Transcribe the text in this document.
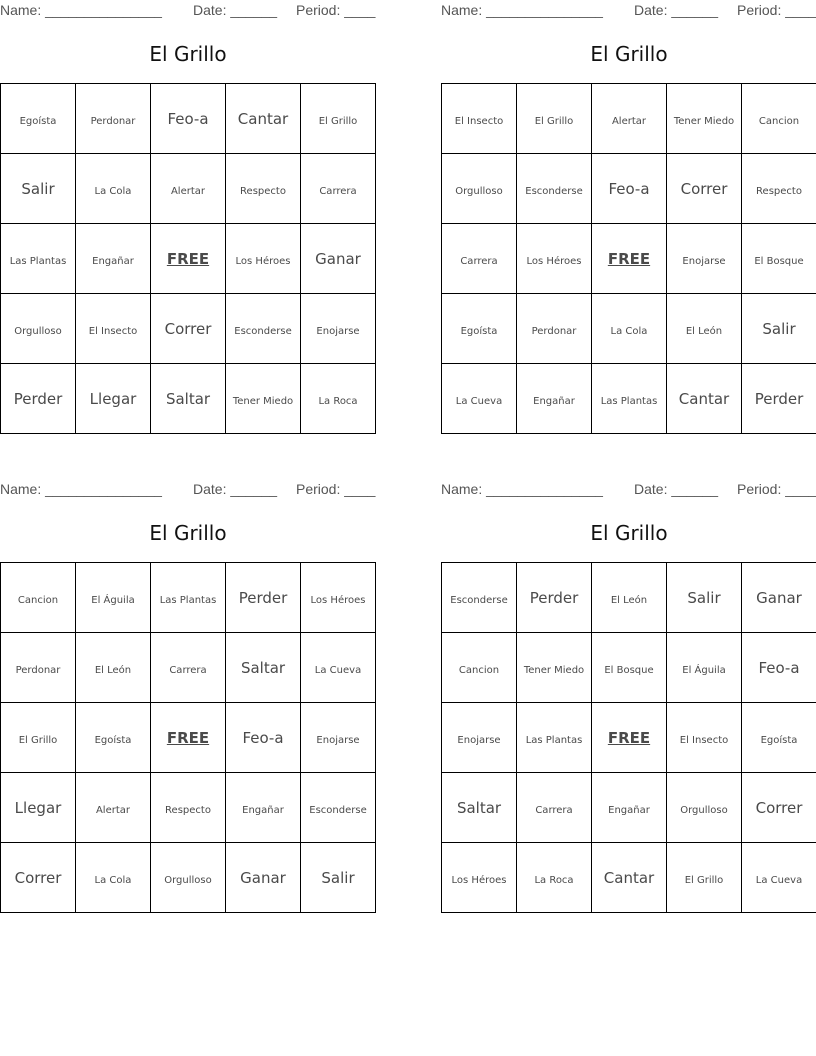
Name: _______________ Date: ______ Period: ____
El Grillo
Egoísta	Perdonar	Feo-a	Cantar	El Grillo
Salir	La Cola	Alertar	Respecto	Carrera
Las Plantas	Engañar	FREE	Los Héroes	Ganar
Orgulloso	El Insecto	Correr	Esconderse	Enojarse
Perder	Llegar	Saltar	Tener Miedo	La Roca
Name: _______________ Date: ______ Period: ____
El Grillo
El Insecto	El Grillo	Alertar	Tener Miedo	Cancion
Orgulloso	Esconderse	Feo-a	Correr	Respecto
Carrera	Los Héroes	FREE	Enojarse	El Bosque
Egoísta	Perdonar	La Cola	El León	Salir
La Cueva	Engañar	Las Plantas	Cantar	Perder
Name: _______________ Date: ______ Period: ____
El Grillo
Cancion	El Águila	Las Plantas	Perder	Los Héroes
Perdonar	El León	Carrera	Saltar	La Cueva
El Grillo	Egoísta	FREE	Feo-a	Enojarse
Llegar	Alertar	Respecto	Engañar	Esconderse
Correr	La Cola	Orgulloso	Ganar	Salir
Name: _______________ Date: ______ Period: ____
El Grillo
Esconderse	Perder	El León	Salir	Ganar
Cancion	Tener Miedo	El Bosque	El Águila	Feo-a
Enojarse	Las Plantas	FREE	El Insecto	Egoísta
Saltar	Carrera	Engañar	Orgulloso	Correr
Los Héroes	La Roca	Cantar	El Grillo	La Cueva
